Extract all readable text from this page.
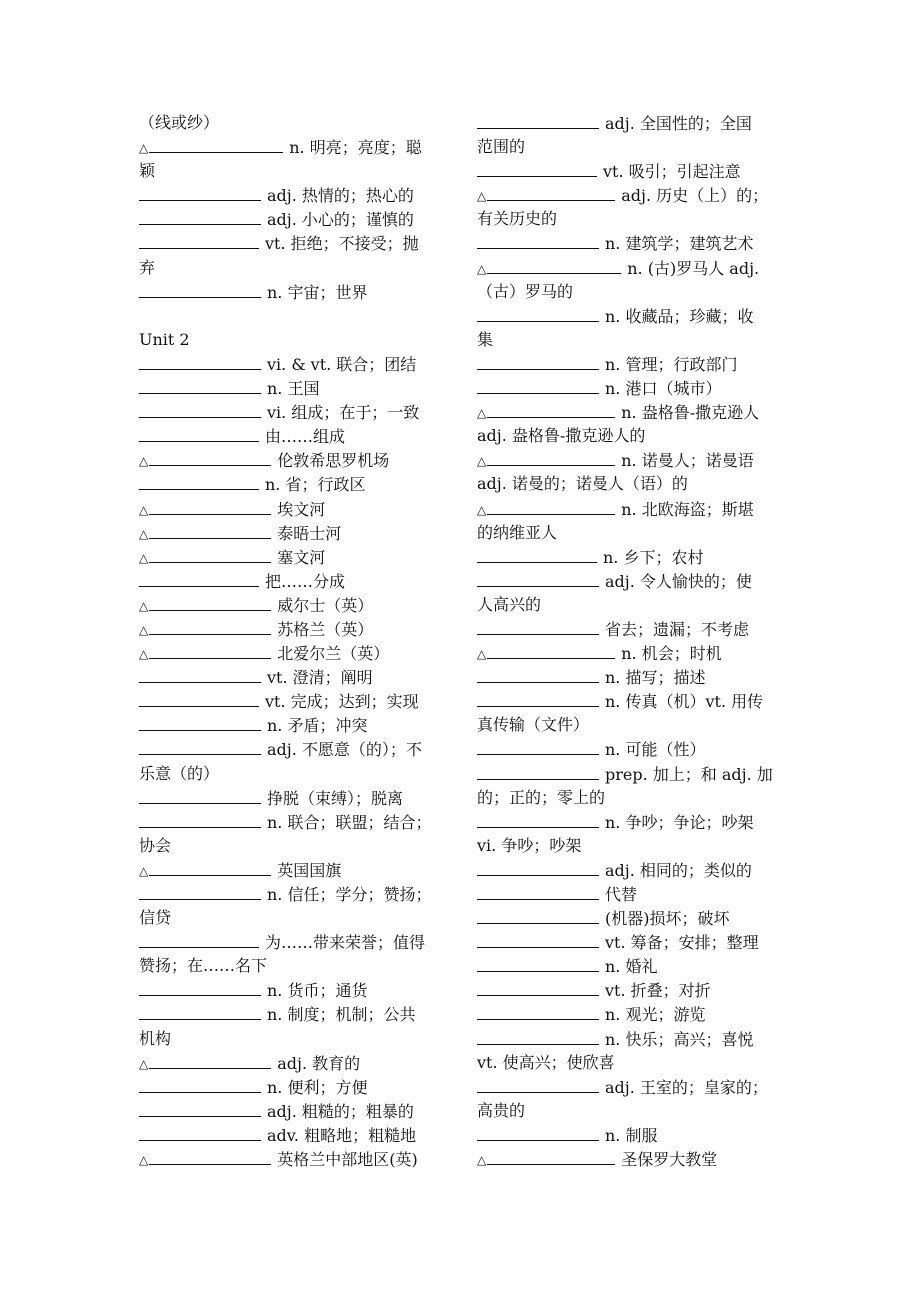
（线或纱）
△	n. 明亮；亮度；聪
颖
adj. 热情的；热心的
adj. 小心的；谨慎的
vt. 拒绝；不接受；抛
弃
n. 宇宙；世界
Unit 2
vi. & vt. 联合；团结
n. 王国
vi. 组成；在于；一致
由……组成
△	伦敦希思罗机场
n. 省；行政区
△	埃文河
△	泰晤士河
△	塞文河
把……分成
△	威尔士（英）
△	苏格兰（英）
△	北爱尔兰（英）
vt. 澄清；阐明
vt. 完成；达到；实现
n. 矛盾；冲突
adj. 不愿意（的）；不
乐意（的）
挣脱（束缚）；脱离
n. 联合；联盟；结合；
协会
△	英国国旗
n. 信任；学分；赞扬；
信贷
为……带来荣誉；值得
赞扬；在……名下
n. 货币；通货
n. 制度；机制；公共
机构
△	adj. 教育的
n. 便利；方便
adj. 粗糙的；粗暴的
adv. 粗略地；粗糙地
△	英格兰中部地区(英)
adj. 全国性的；全国
范围的
vt. 吸引；引起注意
△	adj. 历史（上）的；
有关历史的
n. 建筑学；建筑艺术
△	n. (古)罗马人 adj.
（古）罗马的
n. 收藏品；珍藏；收
集
n. 管理；行政部门
n. 港口（城市）
△	n. 盎格鲁-撒克逊人
adj. 盎格鲁-撒克逊人的
△	n. 诺曼人；诺曼语
adj. 诺曼的；诺曼人（语）的
△	n. 北欧海盗；斯堪
的纳维亚人
n. 乡下；农村
adj. 令人愉快的；使
人高兴的
省去；遗漏；不考虑
△	n. 机会；时机
n. 描写；描述
n. 传真（机）vt. 用传
真传输（文件）
n. 可能（性）
prep. 加上；和 adj. 加
的；正的；零上的
n. 争吵；争论；吵架
vi. 争吵；吵架
adj. 相同的；类似的
代替
(机器)损坏；破坏
vt. 筹备；安排；整理
n. 婚礼
vt. 折叠；对折
n. 观光；游览
n. 快乐；高兴；喜悦
vt. 使高兴；使欣喜
adj. 王室的；皇家的；
高贵的
n. 制服
△	圣保罗大教堂
